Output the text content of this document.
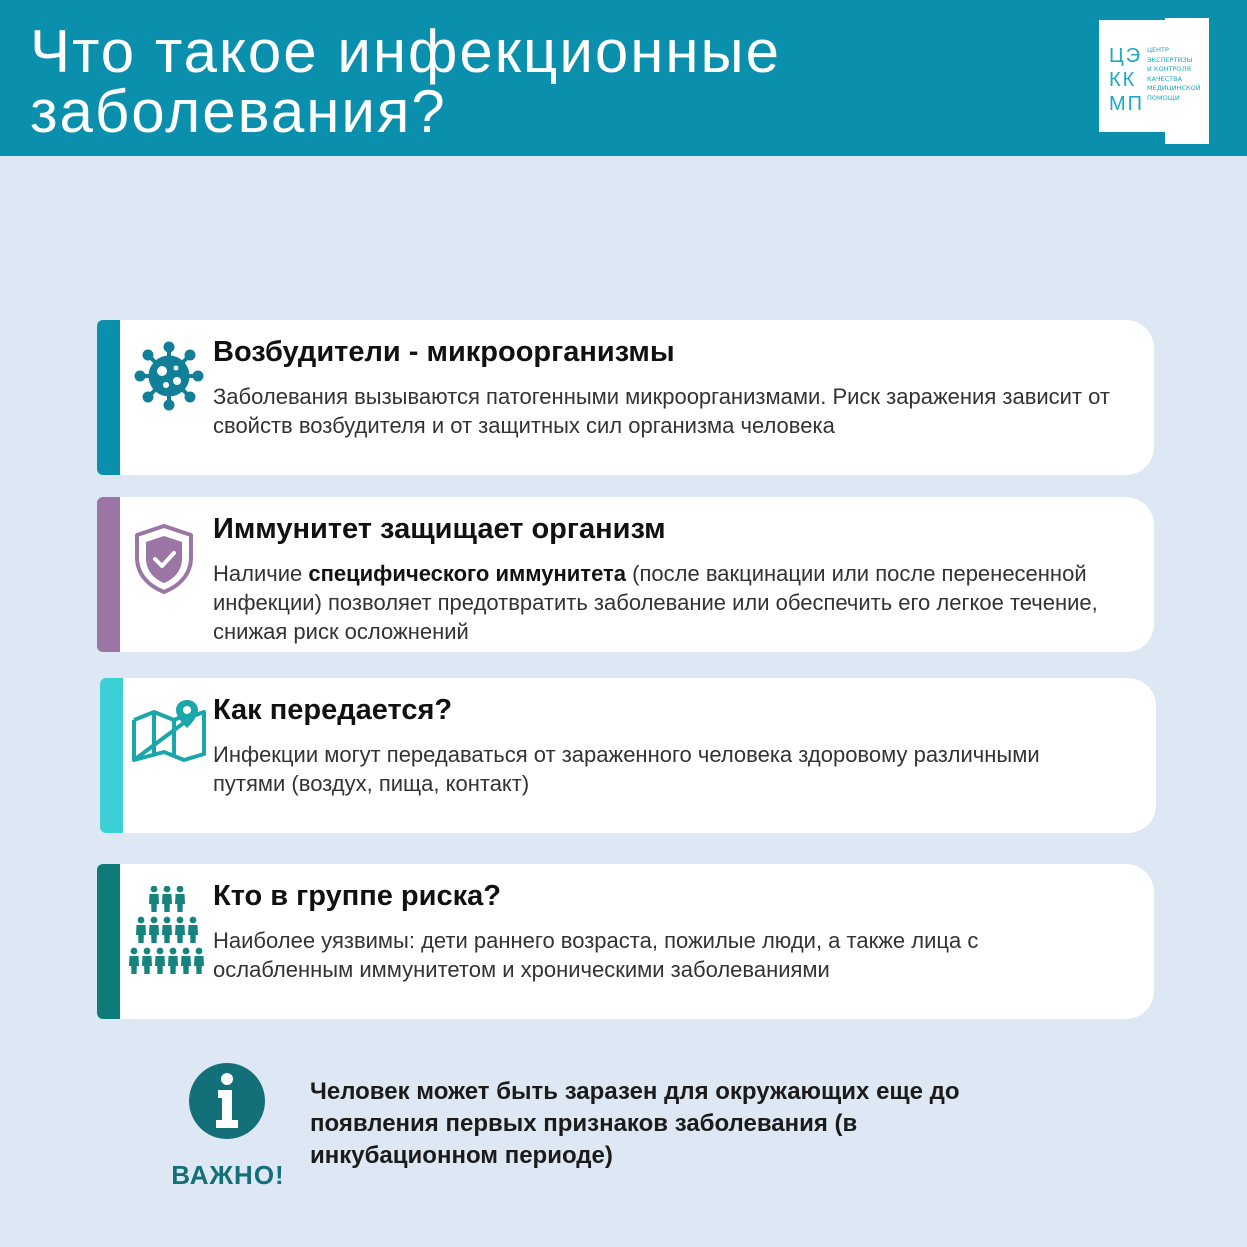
Что такое инфекционные
заболевания?
ЦЭ
КК
МП
ЦЕНТР
ЭКСПЕРТИЗЫ
И КОНТРОЛЯ
КАЧЕСТВА
МЕДИЦИНСКОЙ
ПОМОЩИ
Возбудители - микроорганизмы

Заболевания вызываются патогенными микроорганизмами. Риск заражения зависит от свойств возбудителя и от защитных сил организма человека

Иммунитет защищает организм

Наличие специфического иммунитета (после вакцинации или после перенесенной инфекции) позволяет предотвратить заболевание или обеспечить его легкое течение, снижая риск осложнений

Как передается?

Инфекции могут передаваться от зараженного человека здоровому различными путями (воздух, пища, контакт)

Кто в группе риска?

Наиболее уязвимы: дети раннего возраста, пожилые люди, а также лица с ослабленным иммунитетом и хроническими заболеваниями

ВАЖНО!

Человек может быть заразен для окружающих еще до появления первых признаков заболевания (в инкубационном периоде)
